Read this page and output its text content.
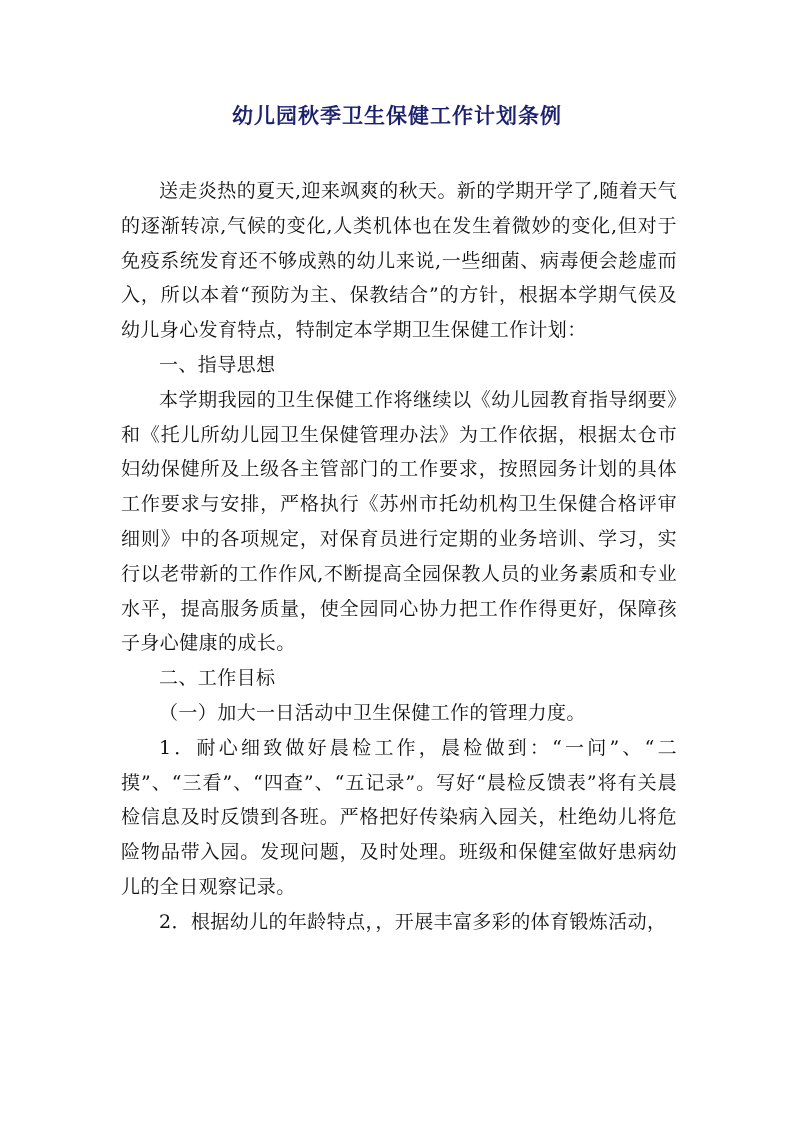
幼儿园秋季卫生保健工作计划条例

送走炎热的夏天,迎来飒爽的秋天。新的学期开学了,随着天气的逐渐转凉,气候的变化,人类机体也在发生着微妙的变化,但对于免疫系统发育还不够成熟的幼儿来说,一些细菌、病毒便会趁虚而入，所以本着“预防为主、保教结合”的方针，根据本学期气侯及幼儿身心发育特点，特制定本学期卫生保健工作计划：

一、指导思想

本学期我园的卫生保健工作将继续以《幼儿园教育指导纲要》和《托儿所幼儿园卫生保健管理办法》为工作依据，根据太仓市妇幼保健所及上级各主管部门的工作要求，按照园务计划的具体工作要求与安排，严格执行《苏州市托幼机构卫生保健合格评审细则》中的各项规定，对保育员进行定期的业务培训、学习，实行以老带新的工作作风,不断提高全园保教人员的业务素质和专业水平，提高服务质量，使全园同心协力把工作作得更好，保障孩子身心健康的成长。

二、工作目标

（一）加大一日活动中卫生保健工作的管理力度。

1．耐心细致做好晨检工作，晨检做到：“一问”、“二摸”、“三看”、“四查”、“五记录”。写好“晨检反馈表”将有关晨检信息及时反馈到各班。严格把好传染病入园关，杜绝幼儿将危险物品带入园。发现问题，及时处理。班级和保健室做好患病幼儿的全日观察记录。

2．根据幼儿的年龄特点，，开展丰富多彩的体育锻炼活动，
